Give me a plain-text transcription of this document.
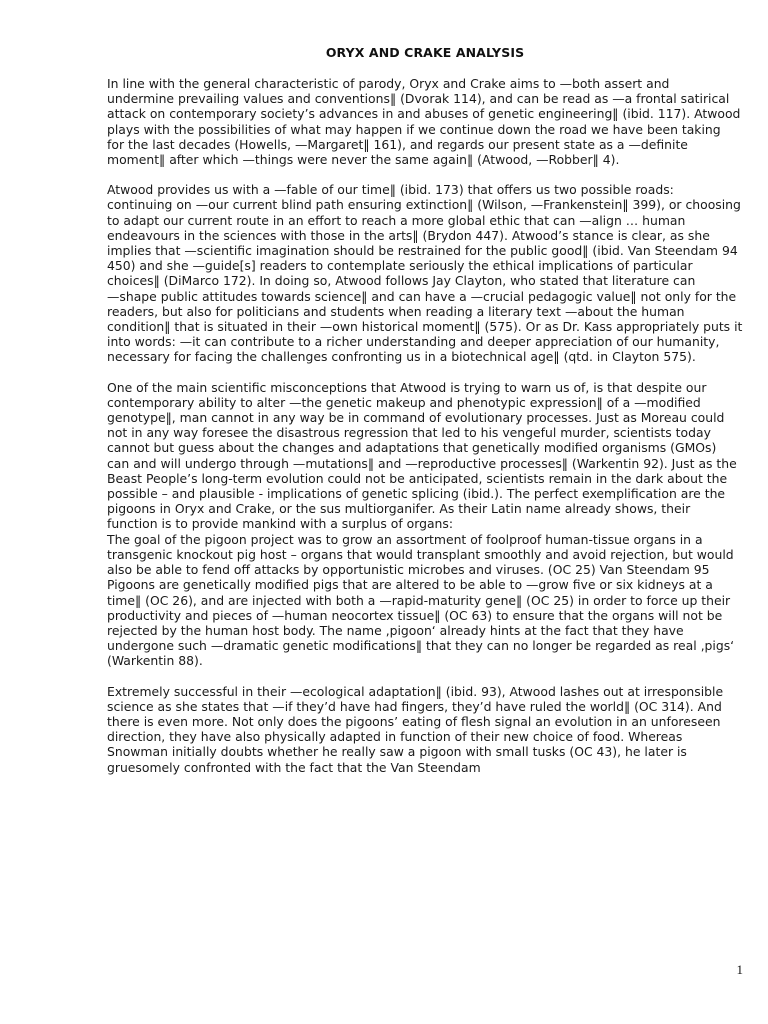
ORYX AND CRAKE ANALYSIS
In line with the general characteristic of parody, Oryx and Crake aims to —both assert and
undermine prevailing values and conventions‖ (Dvorak 114), and can be read as —a frontal satirical
attack on contemporary society’s advances in and abuses of genetic engineering‖ (ibid. 117). Atwood
plays with the possibilities of what may happen if we continue down the road we have been taking
for the last decades (Howells, —Margaret‖ 161), and regards our present state as a —definite
moment‖ after which —things were never the same again‖ (Atwood, —Robber‖ 4).
Atwood provides us with a —fable of our time‖ (ibid. 173) that offers us two possible roads:
continuing on —our current blind path ensuring extinction‖ (Wilson, —Frankenstein‖ 399), or choosing
to adapt our current route in an effort to reach a more global ethic that can —align … human
endeavours in the sciences with those in the arts‖ (Brydon 447). Atwood’s stance is clear, as she
implies that —scientific imagination should be restrained for the public good‖ (ibid. Van Steendam 94
450) and she —guide[s] readers to contemplate seriously the ethical implications of particular
choices‖ (DiMarco 172). In doing so, Atwood follows Jay Clayton, who stated that literature can
—shape public attitudes towards science‖ and can have a —crucial pedagogic value‖ not only for the
readers, but also for politicians and students when reading a literary text —about the human
condition‖ that is situated in their —own historical moment‖ (575). Or as Dr. Kass appropriately puts it
into words: —it can contribute to a richer understanding and deeper appreciation of our humanity,
necessary for facing the challenges confronting us in a biotechnical age‖ (qtd. in Clayton 575).
One of the main scientific misconceptions that Atwood is trying to warn us of, is that despite our
contemporary ability to alter —the genetic makeup and phenotypic expression‖ of a —modified
genotype‖, man cannot in any way be in command of evolutionary processes. Just as Moreau could
not in any way foresee the disastrous regression that led to his vengeful murder, scientists today
cannot but guess about the changes and adaptations that genetically modified organisms (GMOs)
can and will undergo through —mutations‖ and —reproductive processes‖ (Warkentin 92). Just as the
Beast People’s long-term evolution could not be anticipated, scientists remain in the dark about the
possible – and plausible - implications of genetic splicing (ibid.). The perfect exemplification are the
pigoons in Oryx and Crake, or the sus multiorganifer. As their Latin name already shows, their
function is to provide mankind with a surplus of organs:
The goal of the pigoon project was to grow an assortment of foolproof human-tissue organs in a
transgenic knockout pig host – organs that would transplant smoothly and avoid rejection, but would
also be able to fend off attacks by opportunistic microbes and viruses. (OC 25) Van Steendam 95
Pigoons are genetically modified pigs that are altered to be able to —grow five or six kidneys at a
time‖ (OC 26), and are injected with both a —rapid-maturity gene‖ (OC 25) in order to force up their
productivity and pieces of —human neocortex tissue‖ (OC 63) to ensure that the organs will not be
rejected by the human host body. The name ‚pigoon‘ already hints at the fact that they have
undergone such —dramatic genetic modifications‖ that they can no longer be regarded as real ‚pigs‘
(Warkentin 88).
Extremely successful in their —ecological adaptation‖ (ibid. 93), Atwood lashes out at irresponsible
science as she states that —if they’d have had fingers, they’d have ruled the world‖ (OC 314). And
there is even more. Not only does the pigoons’ eating of flesh signal an evolution in an unforeseen
direction, they have also physically adapted in function of their new choice of food. Whereas
Snowman initially doubts whether he really saw a pigoon with small tusks (OC 43), he later is
gruesomely confronted with the fact that the Van Steendam
1
